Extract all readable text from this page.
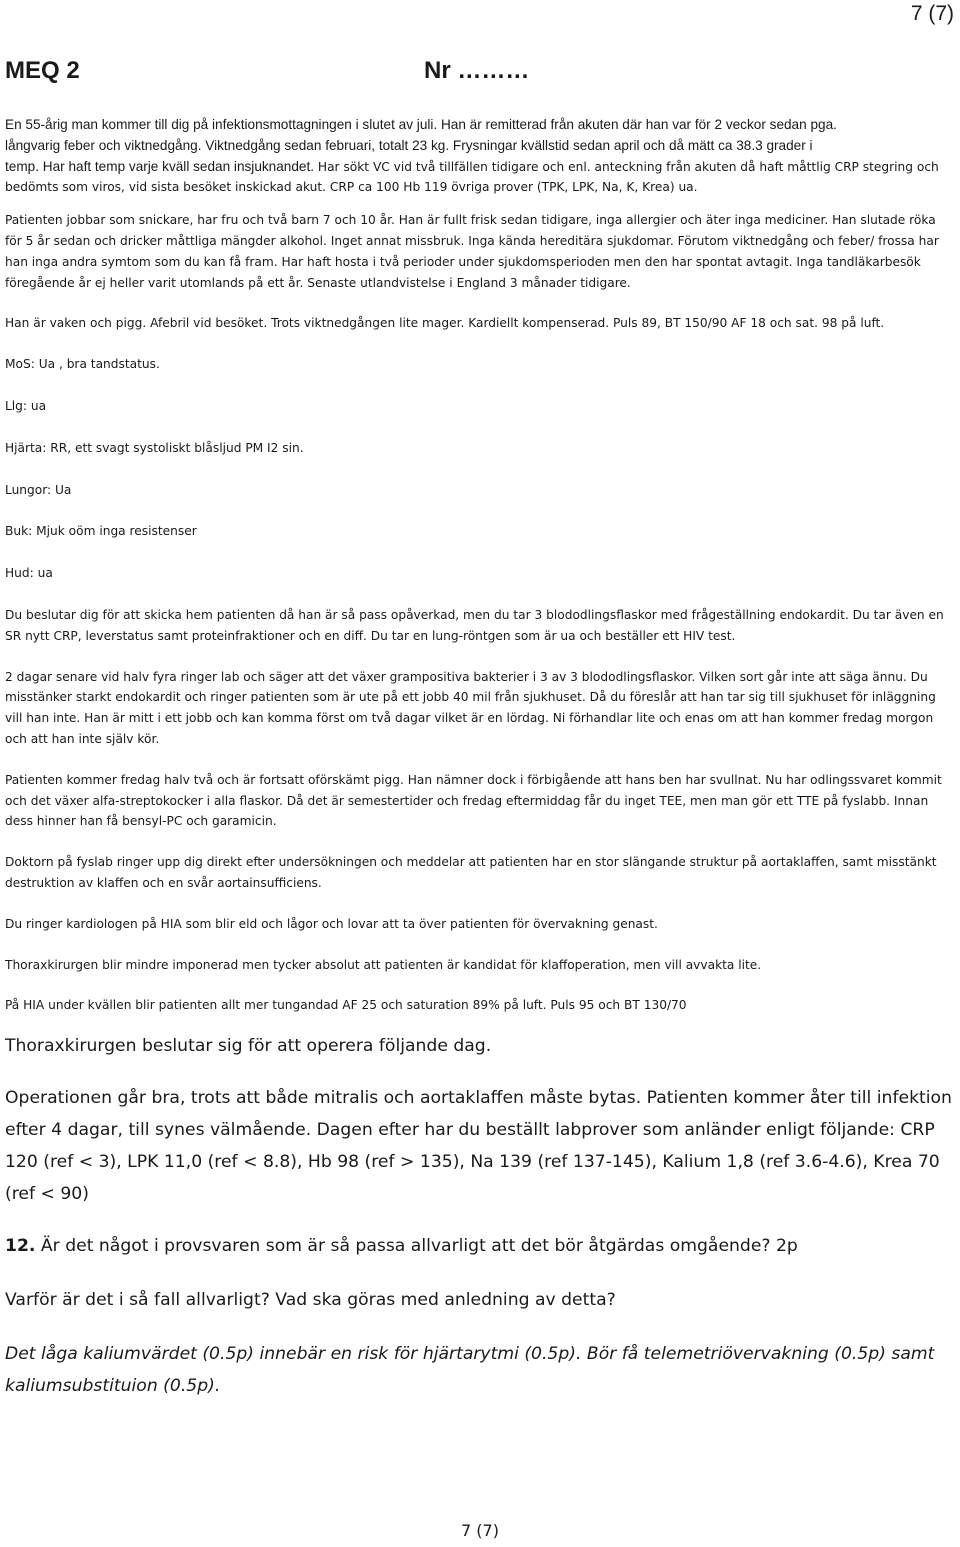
7 (7)
MEQ 2	Nr ………

En 55-årig man kommer till dig på infektionsmottagningen i slutet av juli. Han är remitterad från akuten där han var för 2 veckor sedan pga.

långvarig feber och viktnedgång. Viktnedgång sedan februari, totalt 23 kg. Frysningar kvällstid sedan april och då mätt ca 38.3 grader i

temp. Har haft temp varje kväll sedan insjuknandet. Har sökt VC vid två tillfällen tidigare och enl. anteckning från akuten då haft måttlig CRP stegring och bedömts som viros, vid sista besöket inskickad akut. CRP ca 100 Hb 119 övriga prover (TPK, LPK, Na, K, Krea) ua.

Patienten jobbar som snickare, har fru och två barn 7 och 10 år. Han är fullt frisk sedan tidigare, inga allergier och äter inga mediciner. Han slutade röka för 5 år sedan och dricker måttliga mängder alkohol. Inget annat missbruk. Inga kända hereditära sjukdomar. Förutom viktnedgång och feber/ frossa har han inga andra symtom som du kan få fram. Har haft hosta i två perioder under sjukdomsperioden men den har spontat avtagit. Inga tandläkarbesök föregående år ej heller varit utomlands på ett år. Senaste utlandvistelse i England 3 månader tidigare.

Han är vaken och pigg. Afebril vid besöket. Trots viktnedgången lite mager. Kardiellt kompenserad. Puls 89, BT 150/90 AF 18 och sat. 98 på luft.

MoS: Ua , bra tandstatus.

Llg: ua

Hjärta: RR, ett svagt systoliskt blåsljud PM I2 sin.

Lungor: Ua

Buk: Mjuk oöm inga resistenser

Hud: ua

Du beslutar dig för att skicka hem patienten då han är så pass opåverkad, men du tar 3 blododlingsflaskor med frågeställning endokardit. Du tar även en SR nytt CRP, leverstatus samt proteinfraktioner och en diff. Du tar en lung-röntgen som är ua och beställer ett HIV test.

2 dagar senare vid halv fyra ringer lab och säger att det växer grampositiva bakterier i 3 av 3 blododlingsflaskor. Vilken sort går inte att säga ännu. Du misstänker starkt endokardit och ringer patienten som är ute på ett jobb 40 mil från sjukhuset. Då du föreslår att han tar sig till sjukhuset för inläggning vill han inte. Han är mitt i ett jobb och kan komma först om två dagar vilket är en lördag. Ni förhandlar lite och enas om att han kommer fredag morgon och att han inte själv kör.

Patienten kommer fredag halv två och är fortsatt oförskämt pigg. Han nämner dock i förbigående att hans ben har svullnat. Nu har odlingssvaret kommit och det växer alfa-streptokocker i alla flaskor. Då det är semestertider och fredag eftermiddag får du inget TEE, men man gör ett TTE på fyslabb. Innan dess hinner han få bensyl-PC och garamicin.

Doktorn på fyslab ringer upp dig direkt efter undersökningen och meddelar att patienten har en stor slängande struktur på aortaklaffen, samt misstänkt destruktion av klaffen och en svår aortainsufficiens.

Du ringer kardiologen på HIA som blir eld och lågor och lovar att ta över patienten för övervakning genast.

Thoraxkirurgen blir mindre imponerad men tycker absolut att patienten är kandidat för klaffoperation, men vill avvakta lite.

På HIA under kvällen blir patienten allt mer tungandad AF 25 och saturation 89% på luft. Puls 95 och BT 130/70

Thoraxkirurgen beslutar sig för att operera följande dag.

Operationen går bra, trots att både mitralis och aortaklaffen måste bytas. Patienten kommer åter till infektion efter 4 dagar, till synes välmående. Dagen efter har du beställt labprover som anländer enligt följande: CRP 120 (ref < 3), LPK 11,0 (ref < 8.8), Hb 98 (ref > 135), Na 139 (ref 137-145), Kalium 1,8 (ref 3.6-4.6), Krea 70 (ref < 90)

12. Är det något i provsvaren som är så passa allvarligt att det bör åtgärdas omgående? 2p

Varför är det i så fall allvarligt? Vad ska göras med anledning av detta?

Det låga kaliumvärdet (0.5p) innebär en risk för hjärtarytmi (0.5p). Bör få telemetriövervakning (0.5p) samt kaliumsubstituion (0.5p).

7 (7)
